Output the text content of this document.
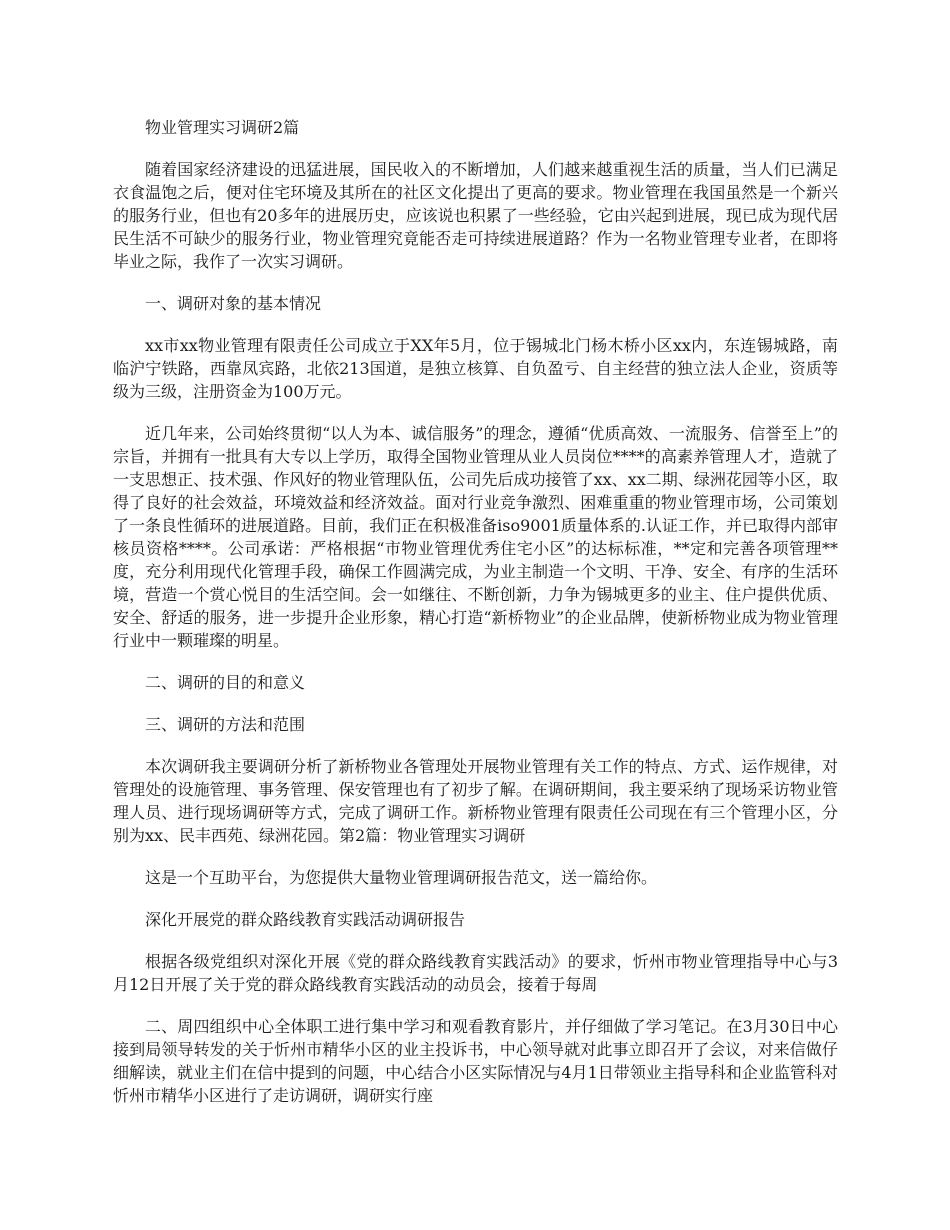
物业管理实习调研2篇

随着国家经济建设的迅猛进展，国民收入的不断增加，人们越来越重视生活的质量，当人们已满足衣食温饱之后，便对住宅环境及其所在的社区文化提出了更高的要求。物业管理在我国虽然是一个新兴的服务行业，但也有20多年的进展历史，应该说也积累了一些经验，它由兴起到进展，现已成为现代居民生活不可缺少的服务行业，物业管理究竟能否走可持续进展道路？作为一名物业管理专业者，在即将毕业之际，我作了一次实习调研。

一、调研对象的基本情况

xx市xx物业管理有限责任公司成立于XX年5月，位于锡城北门杨木桥小区xx内，东连锡城路，南临沪宁铁路，西靠凤宾路，北依213国道，是独立核算、自负盈亏、自主经营的独立法人企业，资质等级为三级，注册资金为100万元。

近几年来，公司始终贯彻“以人为本、诚信服务”的理念，遵循“优质高效、一流服务、信誉至上”的宗旨，并拥有一批具有大专以上学历，取得全国物业管理从业人员岗位****的高素养管理人才，造就了一支思想正、技术强、作风好的物业管理队伍，公司先后成功接管了xx、xx二期、绿洲花园等小区，取得了良好的社会效益，环境效益和经济效益。面对行业竞争激烈、困难重重的物业管理市场，公司策划了一条良性循环的进展道路。目前，我们正在积极准备iso9001质量体系的.认证工作，并已取得内部审核员资格****。公司承诺：严格根据“市物业管理优秀住宅小区”的达标标准，**定和完善各项管理**度，充分利用现代化管理手段，确保工作圆满完成，为业主制造一个文明、干净、安全、有序的生活环境，营造一个赏心悦目的生活空间。会一如继往、不断创新，力争为锡城更多的业主、住户提供优质、安全、舒适的服务，进一步提升企业形象，精心打造“新桥物业”的企业品牌，使新桥物业成为物业管理行业中一颗璀璨的明星。

二、调研的目的和意义

三、调研的方法和范围

本次调研我主要调研分析了新桥物业各管理处开展物业管理有关工作的特点、方式、运作规律，对管理处的设施管理、事务管理、保安管理也有了初步了解。在调研期间，我主要采纳了现场采访物业管理人员、进行现场调研等方式，完成了调研工作。新桥物业管理有限责任公司现在有三个管理小区，分别为xx、民丰西苑、绿洲花园。第2篇：物业管理实习调研

这是一个互助平台，为您提供大量物业管理调研报告范文，送一篇给你。

深化开展党的群众路线教育实践活动调研报告

根据各级党组织对深化开展《党的群众路线教育实践活动》的要求，忻州市物业管理指导中心与3月12日开展了关于党的群众路线教育实践活动的动员会，接着于每周

二、周四组织中心全体职工进行集中学习和观看教育影片，并仔细做了学习笔记。在3月30日中心接到局领导转发的关于忻州市精华小区的业主投诉书，中心领导就对此事立即召开了会议，对来信做仔细解读，就业主们在信中提到的问题，中心结合小区实际情况与4月1日带领业主指导科和企业监管科对忻州市精华小区进行了走访调研，调研实行座
